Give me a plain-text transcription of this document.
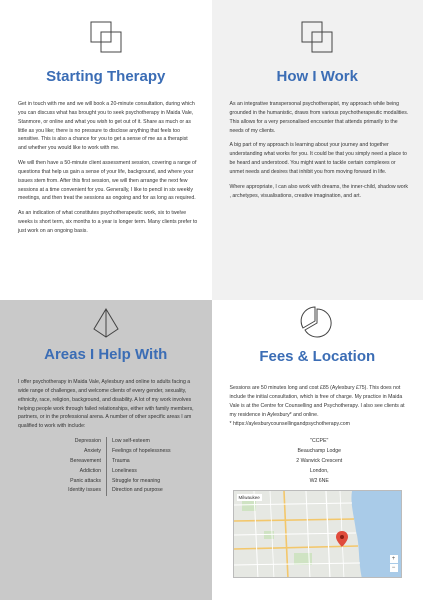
Starting Therapy

Get in touch with me and we will book a 20-minute consultation, during which you can discuss what has brought you to seek psychotherapy in Maida Vale, Stanmore, or online and what you wish to get out of it. Share as much or as little as you like; there is no pressure to disclose anything that feels too sensitive. This is also a chance for you to get a sense of me as a therapist and whether you would like to work with me.

We will then have a 50-minute client assessment session, covering a range of questions that help us gain a sense of your life, background, and where your issues stem from. After this first session, we will then arrange the next few sessions at a time convenient for you. Generally, I like to pencil in six weekly meetings, and then treat the sessions as ongoing and for as long as required.

As an indication of what constitutes psychotherapeutic work, six to twelve weeks is short term, six months to a year is longer term. Many clients prefer to just work on an ongoing basis.

How I Work

As an integrative transpersonal psychotherapist, my approach while being grounded in the humanistic, draws from various psychotherapeutic modalities. This allows for a very personalised encounter that attends primarily to the needs of my clients.

A big part of my approach is learning about your journey and together understanding what works for you. It could be that you simply need a place to be heard and understood. You might want to tackle certain complexes or unmet needs and desires that inhibit you from moving forward in life.

Where appropriate, I can also work with dreams, the inner-child, shadow work , archetypes, visualisations, creative imagination, and art.

Areas I Help With

I offer psychotherapy in Maida Vale, Aylesbury and online to adults facing a wide range of challenges, and welcome clients of every gender, sexuality, ethnicity, race, religion, background, and disability. A lot of my work involves helping people work through failed relationships, either with family members, partners, or in the professional arena. A number of other specific areas I am qualified to work with include:

Depression	Low self-esteem
Anxiety	Feelings of hopelessness
Bereavement	Trauma
Addiction	Loneliness
Panic attacks	Struggle for meaning
Identity issues	Direction and purpose
Fees & Location

Sessions are 50 minutes long and cost £85 (Aylesbury £75). This does not include the initial consultation, which is free of charge. My practice in Maida Vale is at the Centre for Counselling and Psychotherapy. I also see clients at my residence in Aylesbury* and online.

* https://aylesburycounsellingandpsychotherapy.com

"CCPE"
Beauchamp Lodge
2 Warwick Crescent
London,
W2 6NE
Milwaukee
+
−
